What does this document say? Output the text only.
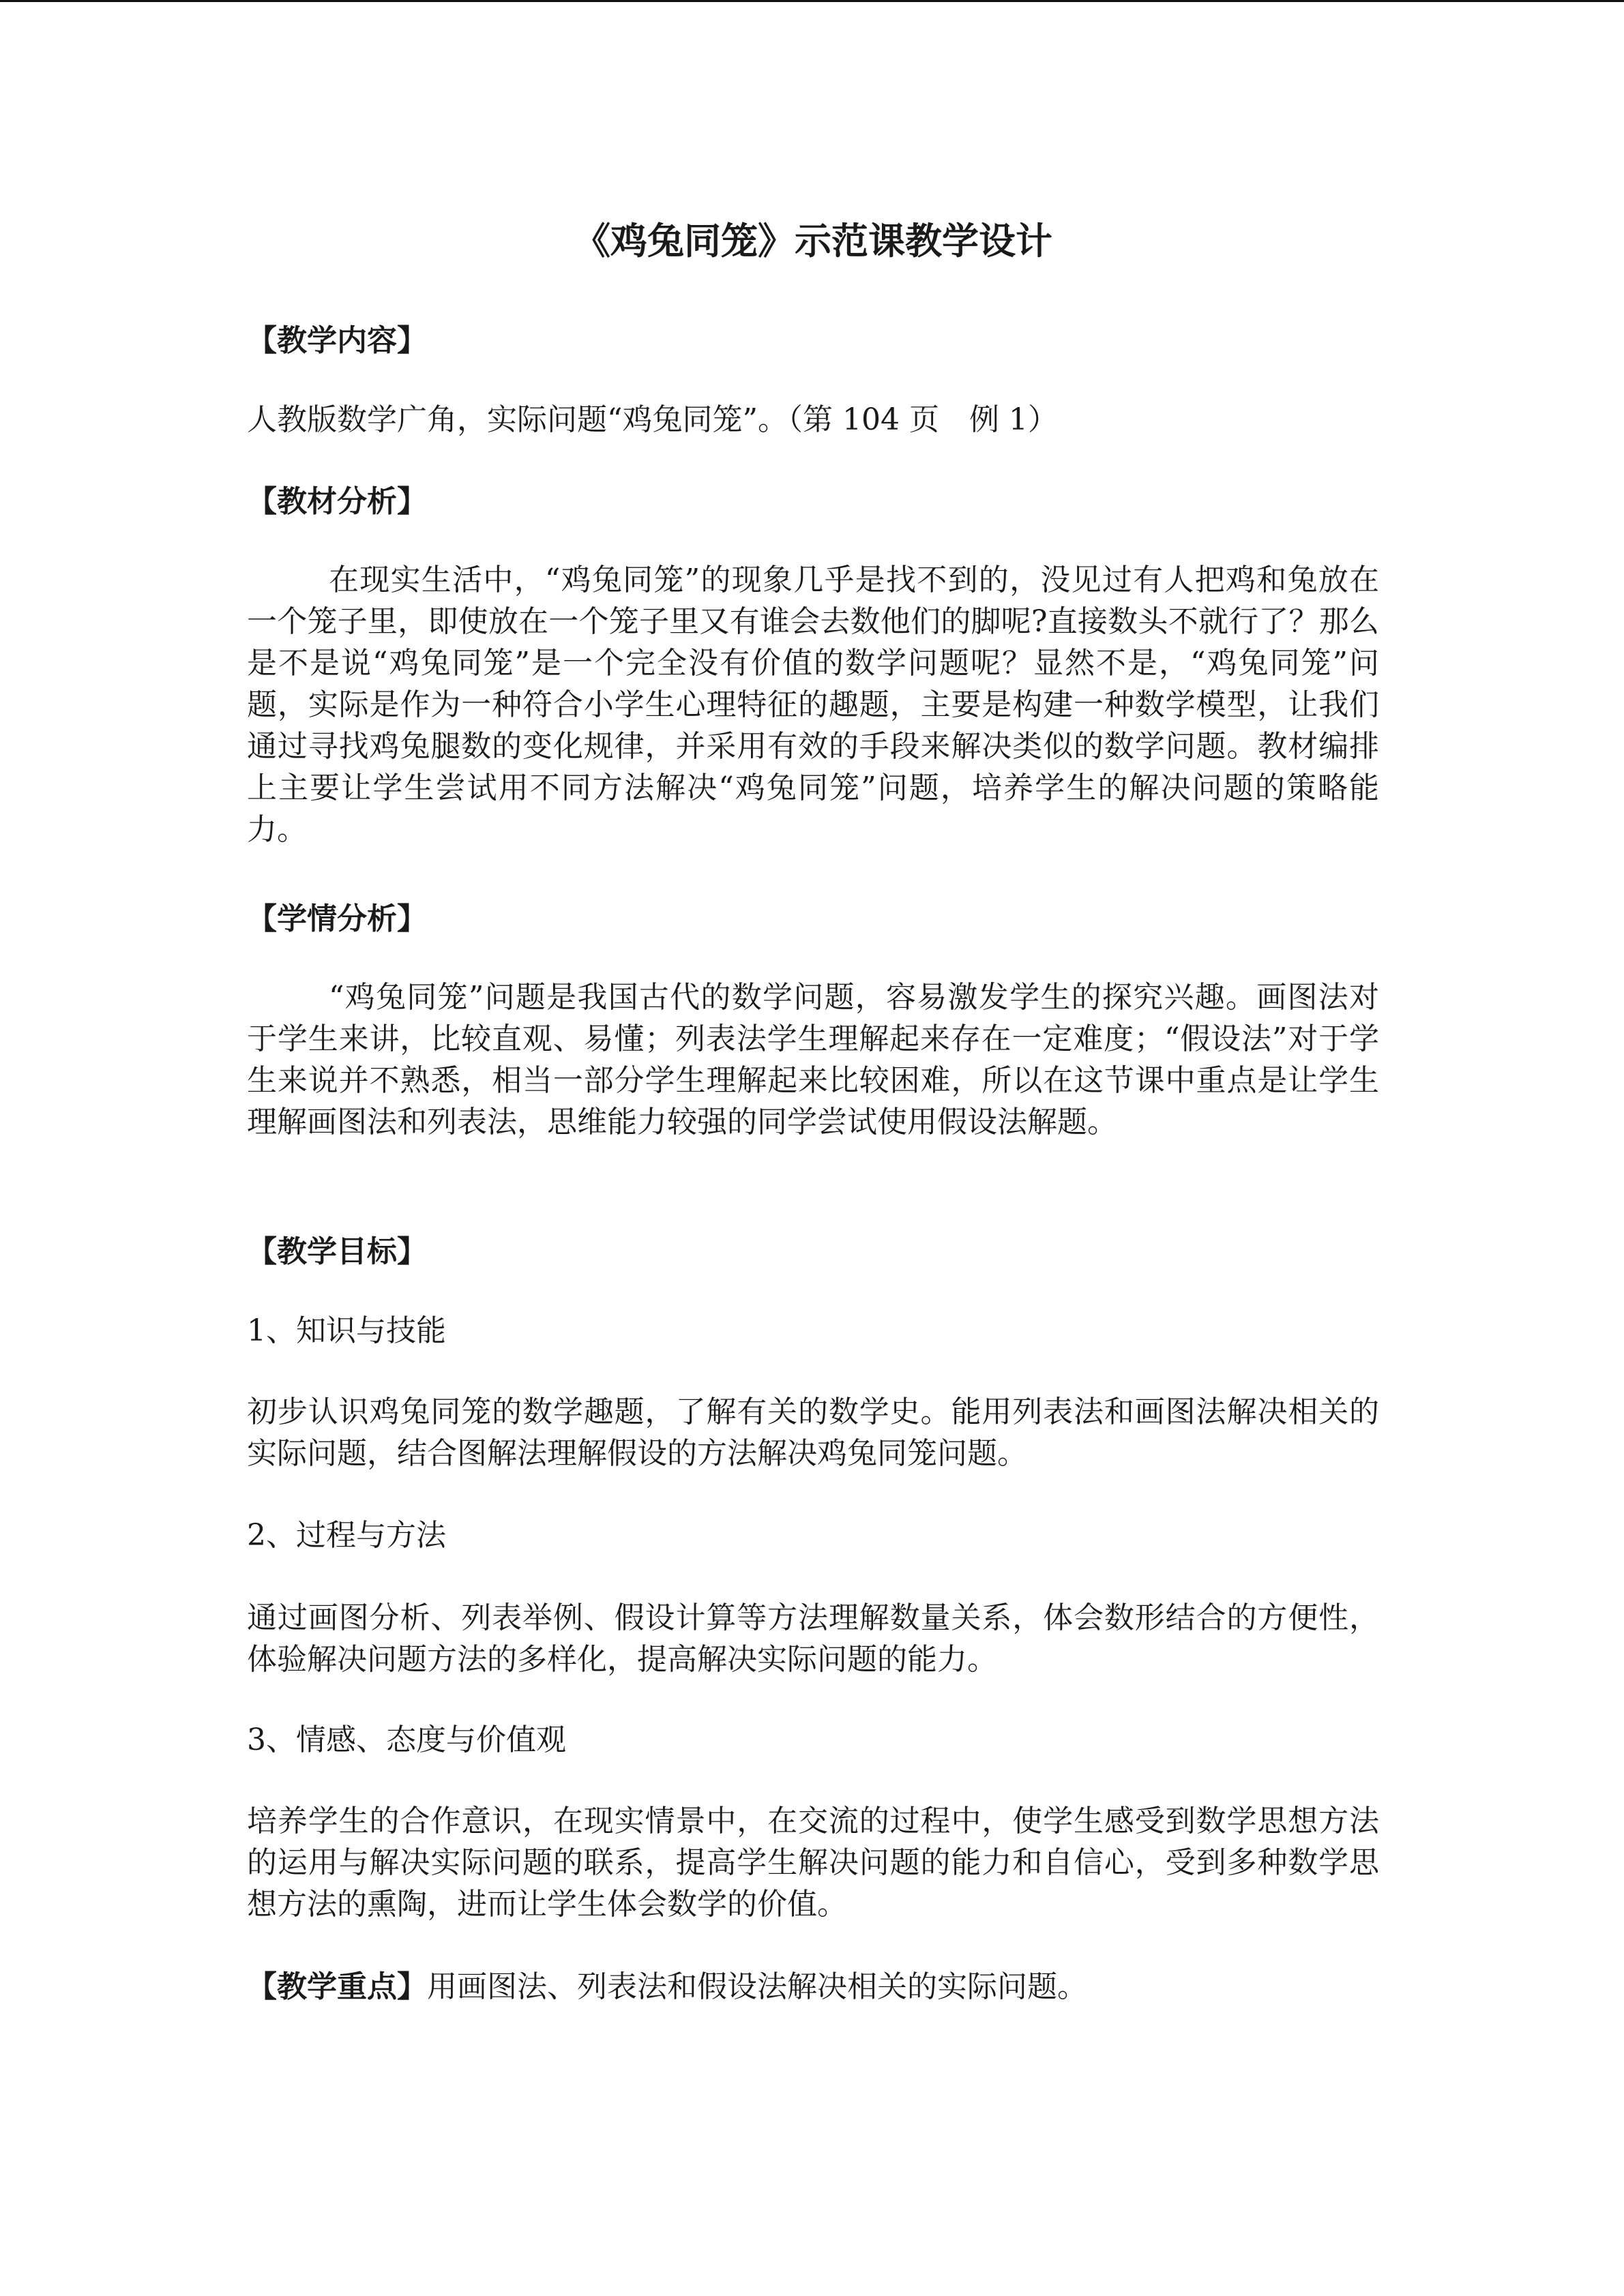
《鸡兔同笼》示范课教学设计
【教学内容】
人教版数学广角，实际问题“鸡兔同笼”。（第 104 页　例 1）
【教材分析】

在现实生活中，“鸡兔同笼”的现象几乎是找不到的，没见过有人把鸡和兔放在一个笼子里，即使放在一个笼子里又有谁会去数他们的脚呢?直接数头不就行了？那么是不是说“鸡兔同笼”是一个完全没有价值的数学问题呢？显然不是，“鸡兔同笼”问题，实际是作为一种符合小学生心理特征的趣题，主要是构建一种数学模型，让我们通过寻找鸡兔腿数的变化规律，并采用有效的手段来解决类似的数学问题。教材编排上主要让学生尝试用不同方法解决“鸡兔同笼”问题，培养学生的解决问题的策略能力。

【学情分析】

“鸡兔同笼”问题是我国古代的数学问题，容易激发学生的探究兴趣。画图法对于学生来讲，比较直观、易懂；列表法学生理解起来存在一定难度；“假设法”对于学生来说并不熟悉，相当一部分学生理解起来比较困难，所以在这节课中重点是让学生理解画图法和列表法，思维能力较强的同学尝试使用假设法解题。

【教学目标】
1、知识与技能

初步认识鸡兔同笼的数学趣题，了解有关的数学史。能用列表法和画图法解决相关的实际问题，结合图解法理解假设的方法解决鸡兔同笼问题。

2、过程与方法

通过画图分析、列表举例、假设计算等方法理解数量关系，体会数形结合的方便性，体验解决问题方法的多样化，提高解决实际问题的能力。

3、情感、态度与价值观

培养学生的合作意识，在现实情景中，在交流的过程中，使学生感受到数学思想方法的运用与解决实际问题的联系，提高学生解决问题的能力和自信心，受到多种数学思想方法的熏陶，进而让学生体会数学的价值。

【教学重点】用画图法、列表法和假设法解决相关的实际问题。
